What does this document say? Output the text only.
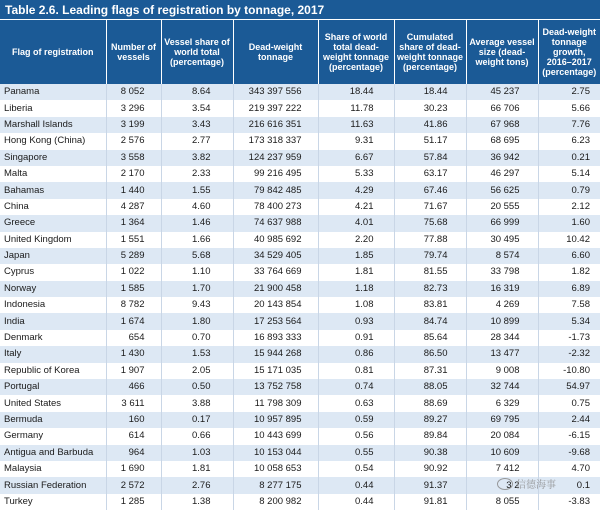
Table 2.6. Leading flags of registration by tonnage, 2017
Flag of registration	Number of vessels	Vessel share of world total (percentage)	Dead-weight tonnage	Share of world total dead-weight tonnage (percentage)	Cumulated share of dead-weight tonnage (percentage)	Average vessel size (dead-weight tons)	Dead-weight tonnage growth, 2016–2017 (percentage)
Panama	8 052	8.64	343 397 556	18.44	18.44	45 237	2.75
Liberia	3 296	3.54	219 397 222	11.78	30.23	66 706	5.66
Marshall Islands	3 199	3.43	216 616 351	11.63	41.86	67 968	7.76
Hong Kong (China)	2 576	2.77	173 318 337	9.31	51.17	68 695	6.23
Singapore	3 558	3.82	124 237 959	6.67	57.84	36 942	0.21
Malta	2 170	2.33	99 216 495	5.33	63.17	46 297	5.14
Bahamas	1 440	1.55	79 842 485	4.29	67.46	56 625	0.79
China	4 287	4.60	78 400 273	4.21	71.67	20 555	2.12
Greece	1 364	1.46	74 637 988	4.01	75.68	66 999	1.60
United Kingdom	1 551	1.66	40 985 692	2.20	77.88	30 495	10.42
Japan	5 289	5.68	34 529 405	1.85	79.74	8 574	6.60
Cyprus	1 022	1.10	33 764 669	1.81	81.55	33 798	1.82
Norway	1 585	1.70	21 900 458	1.18	82.73	16 319	6.89
Indonesia	8 782	9.43	20 143 854	1.08	83.81	4 269	7.58
India	1 674	1.80	17 253 564	0.93	84.74	10 899	5.34
Denmark	654	0.70	16 893 333	0.91	85.64	28 344	-1.73
Italy	1 430	1.53	15 944 268	0.86	86.50	13 477	-2.32
Republic of Korea	1 907	2.05	15 171 035	0.81	87.31	9 008	-10.80
Portugal	466	0.50	13 752 758	0.74	88.05	32 744	54.97
United States	3 611	3.88	11 798 309	0.63	88.69	6 329	0.75
Bermuda	160	0.17	10 957 895	0.59	89.27	69 795	2.44
Germany	614	0.66	10 443 699	0.56	89.84	20 084	-6.15
Antigua and Barbuda	964	1.03	10 153 044	0.55	90.38	10 609	-9.68
Malaysia	1 690	1.81	10 058 653	0.54	90.92	7 412	4.70
Russian Federation	2 572	2.76	8 277 175	0.44	91.37	3 2	0.1
Turkey	1 285	1.38	8 200 982	0.44	91.81	8 055	-3.83
信德海事
